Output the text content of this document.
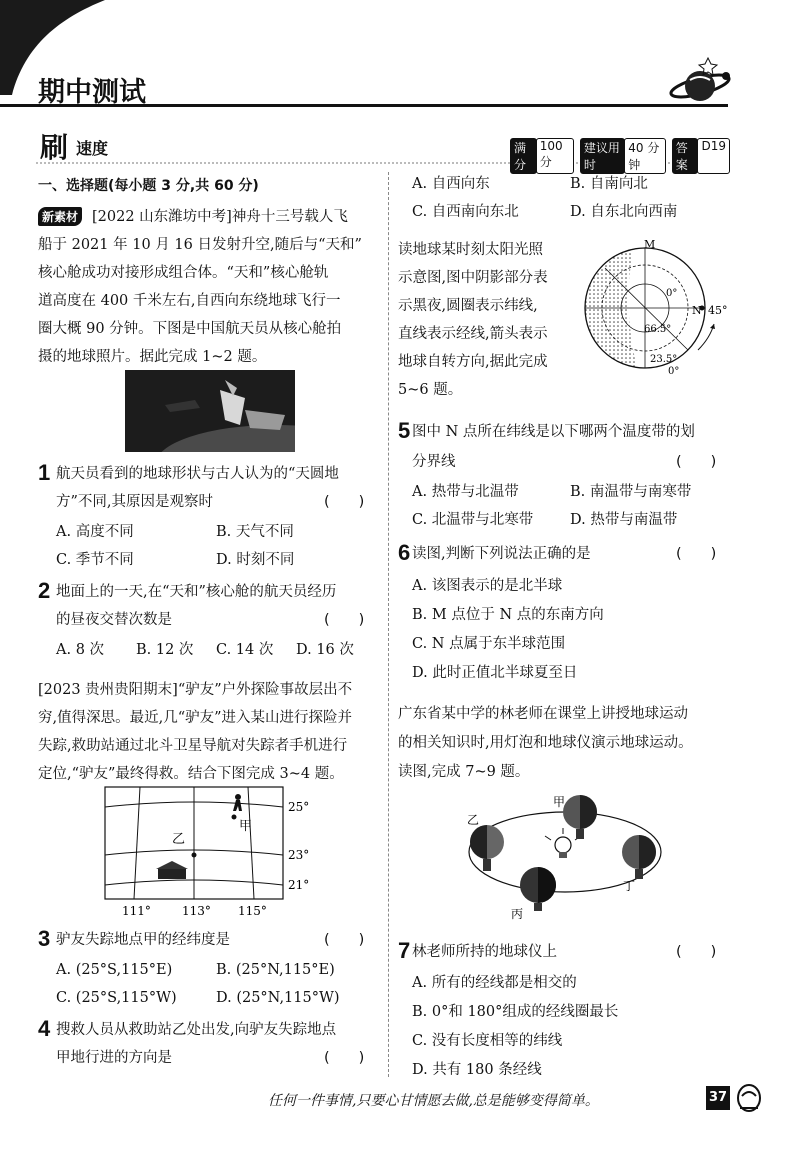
期中测试
刷 速度	满分
100 分
建议用时
40 分钟
答案
D19
一、选择题(每小题 3 分,共 60 分)
新素材 [2022 山东潍坊中考]神舟十三号载人飞
船于 2021 年 10 月 16 日发射升空,随后与“天和”
核心舱成功对接形成组合体。“天和”核心舱轨
道高度在 400 千米左右,自西向东绕地球飞行一
圈大概 90 分钟。下图是中国航天员从核心舱拍
摄的地球照片。据此完成 1~2 题。
1 航天员看到的地球形状与古人认为的“天圆地
方”不同,其原因是观察时	(　　)
A. 高度不同	B. 天气不同
C. 季节不同	D. 时刻不同
2 地面上的一天,在“天和”核心舱的航天员经历
的昼夜交替次数是	(　　)
A. 8 次 B. 12 次 C. 14 次 D. 16 次
[2023 贵州贵阳期末]“驴友”户外探险事故层出不
穷,值得深思。最近,几“驴友”进入某山进行探险并
失踪,救助站通过北斗卫星导航对失踪者手机进行
定位,“驴友”最终得救。结合下图完成 3~4 题。
甲
乙
25°
23°
21°
111°	113° 115°
3 驴友失踪地点甲的经纬度是	(　　)
A. (25°S,115°E)	B. (25°N,115°E)
C. (25°S,115°W)	D. (25°N,115°W)
4 搜救人员从救助站乙处出发,向驴友失踪地点
甲地行进的方向是	(　　)
A. 自西向东	B. 自南向北
C. 自西南向东北	D. 自东北向西南
读地球某时刻太阳光照
示意图,图中阴影部分表
示黑夜,圆圈表示纬线,
直线表示经线,箭头表示
地球自转方向,据此完成
5~6 题。
M
N
0°
66.5°
23.5°
0°
45°
5 图中 N 点所在纬线是以下哪两个温度带的划
分界线	(　　)
A. 热带与北温带	B. 南温带与南寒带
C. 北温带与北寒带	D. 热带与南温带
6 读图,判断下列说法正确的是	(　　)
A. 该图表示的是北半球
B. M 点位于 N 点的东南方向
C. N 点属于东半球范围
D. 此时正值北半球夏至日
广东省某中学的林老师在课堂上讲授地球运动
的相关知识时,用灯泡和地球仪演示地球运动。
读图,完成 7~9 题。
甲
乙
丙
丁
7 林老师所持的地球仪上	(　　)
A. 所有的经线都是相交的
B. 0°和 180°组成的经线圈最长
C. 没有长度相等的纬线
D. 共有 180 条经线
任何一件事情,只要心甘情愿去做,总是能够变得简单。	37
